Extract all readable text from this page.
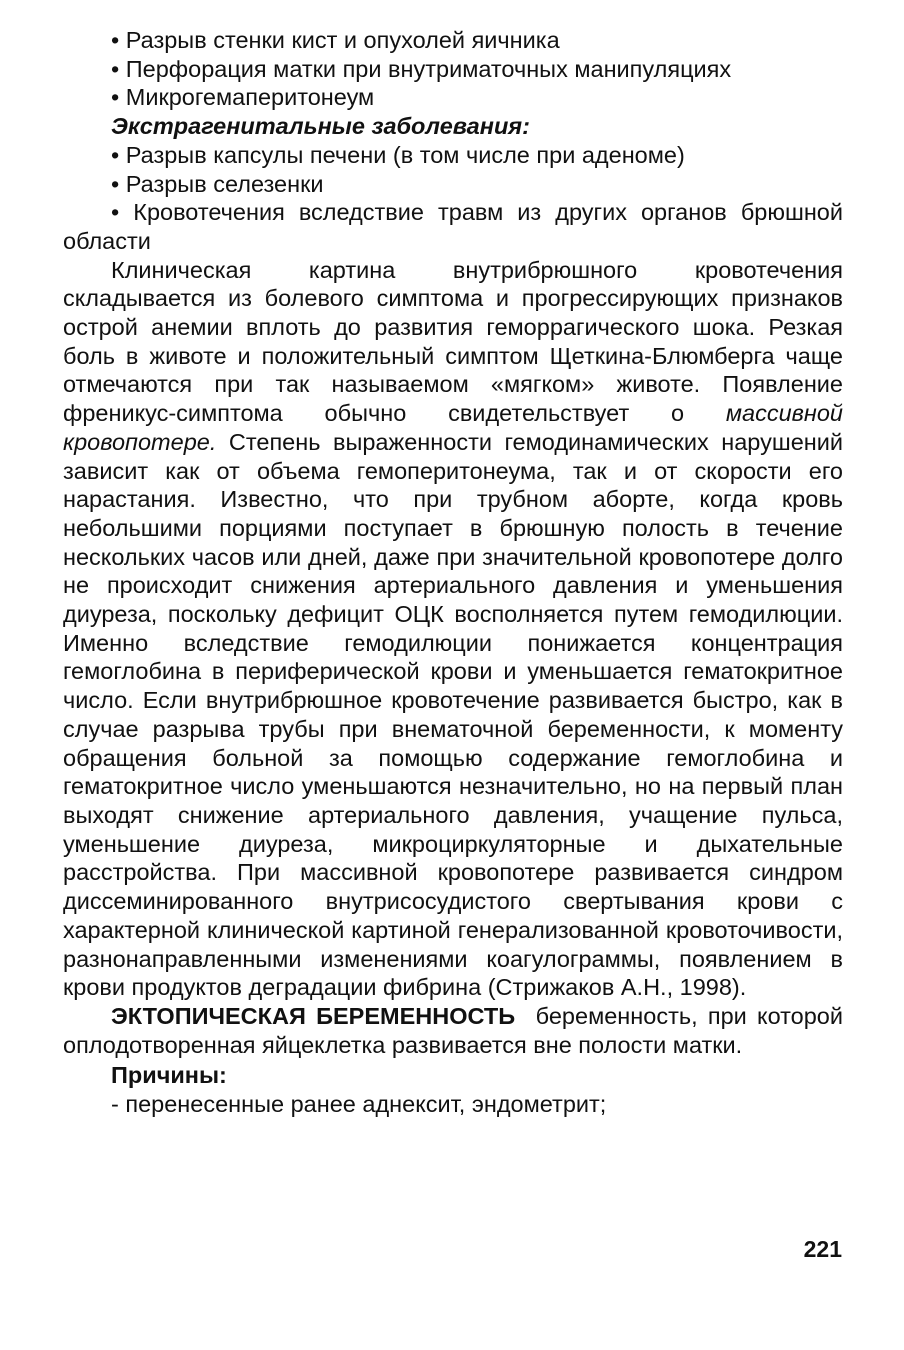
• Разрыв стенки кист и опухолей яичника
• Перфорация матки при внутриматочных манипуляциях
• Микрогемаперитонеум
Экстрагенитальные заболевания:
• Разрыв капсулы печени (в том числе при аденоме)
• Разрыв селезенки
• Кровотечения вследствие травм из других органов брюшной области
Клиническая картина внутрибрюшного кровотечения складывается из болевого симптома и прогрессирующих признаков острой анемии вплоть до развития геморрагического шока. Резкая боль в животе и положительный симптом Щеткина-Блюмберга чаще отмечаются при так называемом «мягком» животе. Появление френикус-симптома обычно свидетельствует о массивной кровопотере. Степень выраженности гемодинамических нарушений зависит как от объема гемоперитонеума, так и от скорости его нарастания. Известно, что при трубном аборте, когда кровь небольшими порциями поступает в брюшную полость в течение нескольких часов или дней, даже при значительной кровопотере долго не происходит снижения артериального давления и уменьшения диуреза, поскольку дефицит ОЦК восполняется путем гемодилюции. Именно вследствие гемодилюции понижается концентрация гемоглобина в периферической крови и уменьшается гематокритное число. Если внутрибрюшное кровотечение развивается быстро, как в случае разрыва трубы при внематочной беременности, к моменту обращения больной за помощью содержание гемоглобина и гематокритное число уменьшаются незначительно, но на первый план выходят снижение артериального давления, учащение пульса, уменьшение диуреза, микроциркуляторные и дыхательные расстройства. При массивной кровопотере развивается синдром диссеминированного внутрисосудистого свертывания крови с характерной клинической картиной генерализованной кровоточивости, разнонаправленными изменениями коагулограммы, появлением в крови продуктов деградации фибрина (Стрижаков А.Н., 1998).
ЭКТОПИЧЕСКАЯ БЕРЕМЕННОСТЬ  беременность, при которой оплодотворенная яйцеклетка развивается вне полости матки.
Причины:
- перенесенные ранее аднексит, эндометрит;
221
